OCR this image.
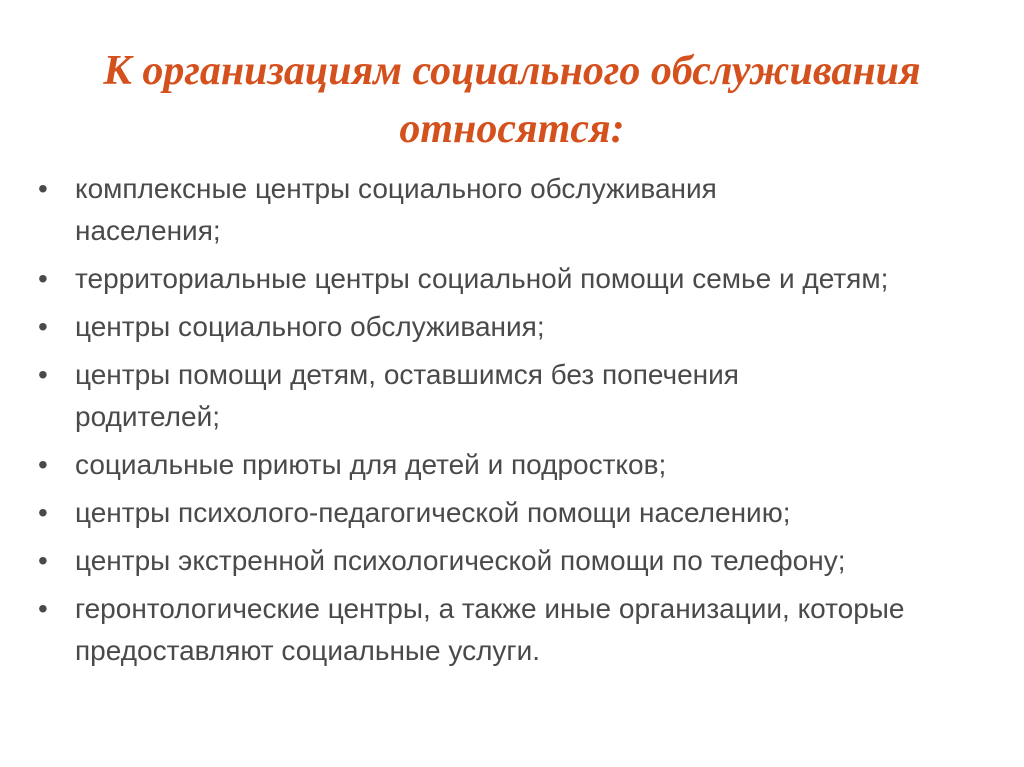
К организациям социального обслуживания
относятся:
• комплексные центры социального обслуживания населения;
• территориальные центры социальной помощи семье и детям;
• центры социального обслуживания;
• центры помощи детям, оставшимся без попечения родителей;
• социальные приюты для детей и подростков;
• центры психолого-педагогической помощи населению;
• центры экстренной психологической помощи по телефону;
• геронтологические центры, а также иные организации, которые предоставляют социальные услуги.
